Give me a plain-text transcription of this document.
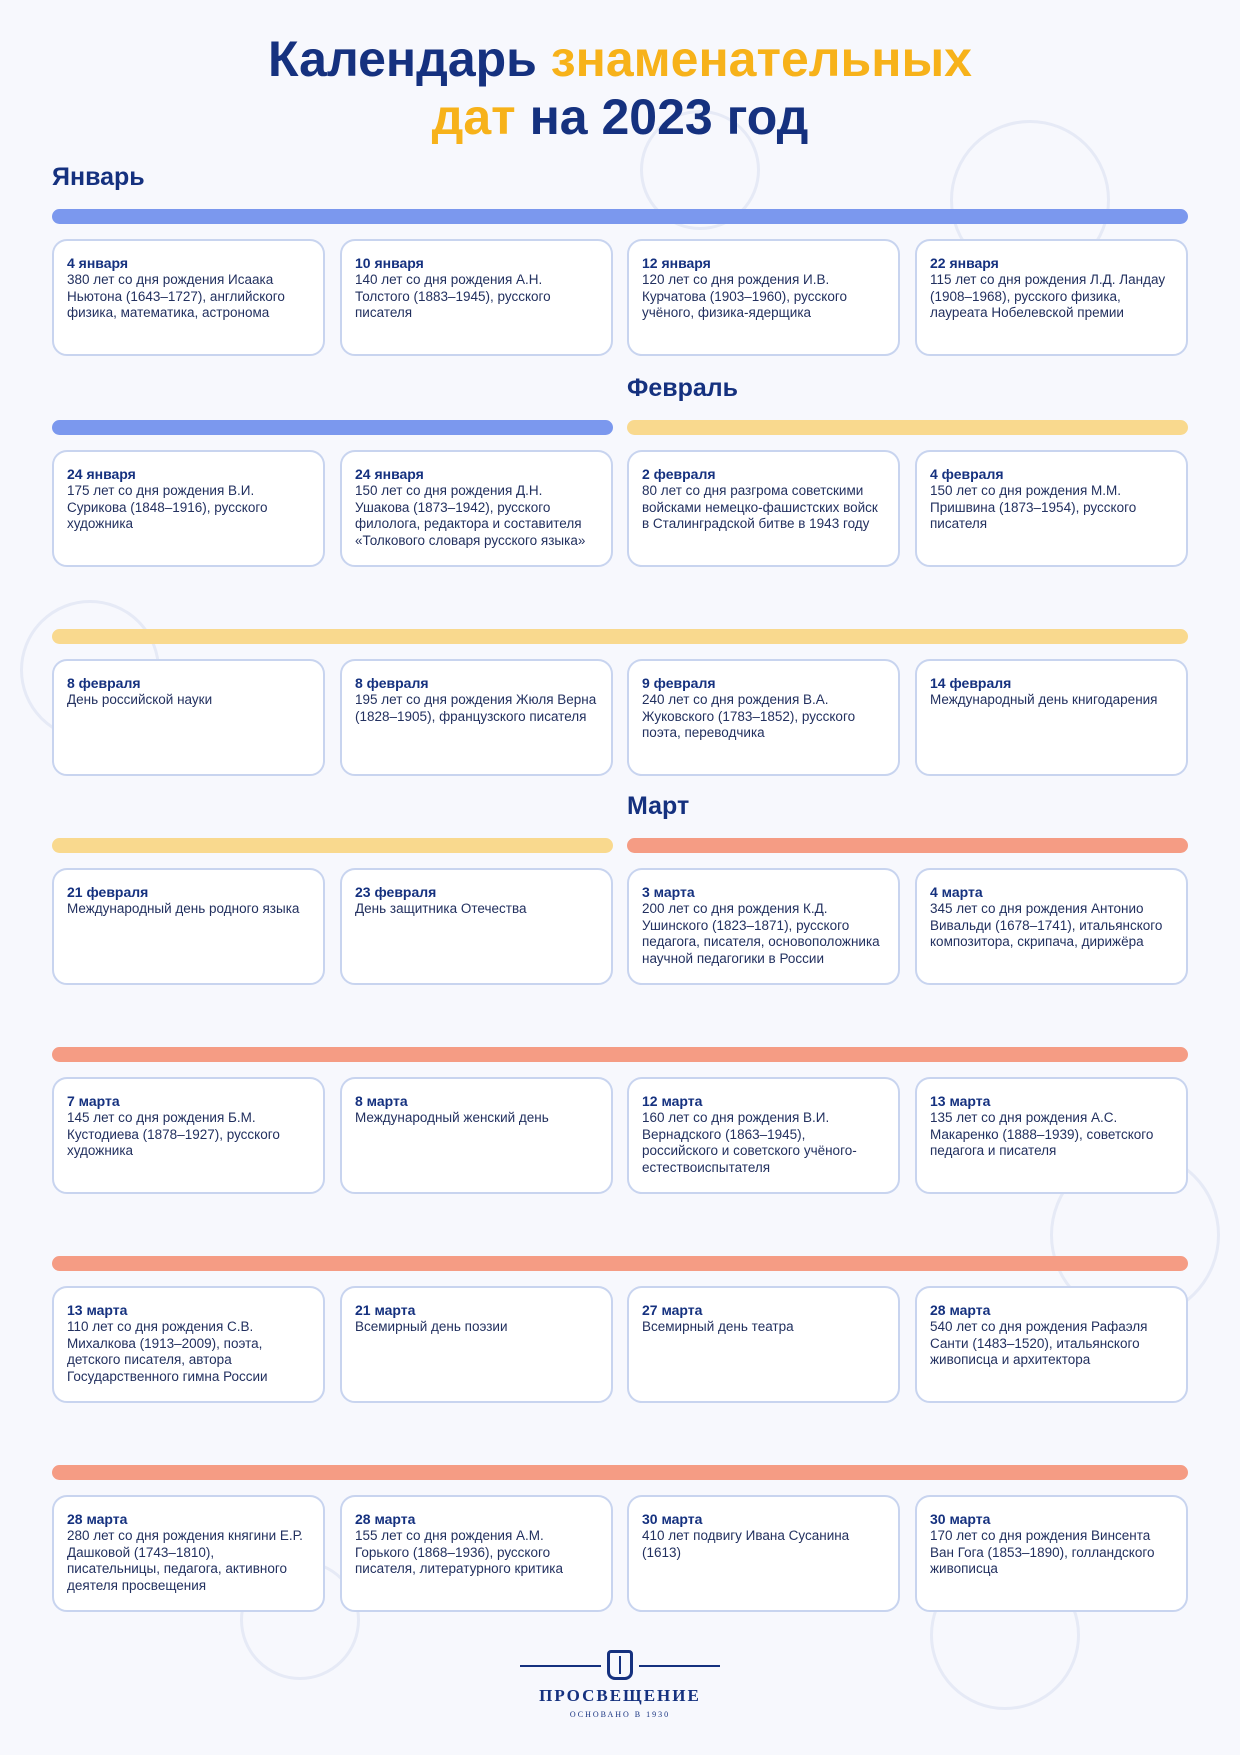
Календарь знаменательных
дат на 2023 год
Январь
Февраль
Март
4 января
380 лет со дня рождения Исаака Ньютона (1643–1727), английского физика, математика, астронома
10 января
140 лет со дня рождения А.Н. Толстого (1883–1945), русского писателя
12 января
120 лет со дня рождения И.В. Курчатова (1903–1960), русского учёного, физика-ядерщика
22 января
115 лет со дня рождения Л.Д. Ландау (1908–1968), русского физика, лауреата Нобелевской премии
24 января
175 лет со дня рождения В.И. Сурикова (1848–1916), русского художника
24 января
150 лет со дня рождения Д.Н. Ушакова (1873–1942), русского филолога, редактора и составителя «Толкового словаря русского языка»
2 февраля
80 лет со дня разгрома советскими войсками немецко-фашистских войск в Сталинградской битве в 1943 году
4 февраля
150 лет со дня рождения М.М. Пришвина (1873–1954), русского писателя
8 февраля
День российской науки
8 февраля
195 лет со дня рождения Жюля Верна (1828–1905), французского писателя
9 февраля
240 лет со дня рождения В.А. Жуковского (1783–1852), русского поэта, переводчика
14 февраля
Международный день книгодарения
21 февраля
Международный день родного языка
23 февраля
День защитника Отечества
3 марта
200 лет со дня рождения К.Д. Ушинского (1823–1871), русского педагога, писателя, основоположника научной педагогики в России
4 марта
345 лет со дня рождения Антонио Вивальди (1678–1741), итальянского композитора, скрипача, дирижёра
7 марта
145 лет со дня рождения Б.М. Кустодиева (1878–1927), русского художника
8 марта
Международный женский день
12 марта
160 лет со дня рождения В.И. Вернадского (1863–1945), российского и советского учёного-естествоиспытателя
13 марта
135 лет со дня рождения А.С. Макаренко (1888–1939), советского педагога и писателя
13 марта
110 лет со дня рождения С.В. Михалкова (1913–2009), поэта, детского писателя, автора Государственного гимна России
21 марта
Всемирный день поэзии
27 марта
Всемирный день театра
28 марта
540 лет со дня рождения Рафаэля Санти (1483–1520), итальянского живописца и архитектора
28 марта
280 лет со дня рождения княгини Е.Р. Дашковой (1743–1810), писательницы, педагога, активного деятеля просвещения
28 марта
155 лет со дня рождения А.М. Горького (1868–1936), русского писателя, литературного критика
30 марта
410 лет подвигу Ивана Сусанина (1613)
30 марта
170 лет со дня рождения Винсента Ван Гога (1853–1890), голландского живописца
ПРОСВЕЩЕНИЕ
ОСНОВАНО В 1930
